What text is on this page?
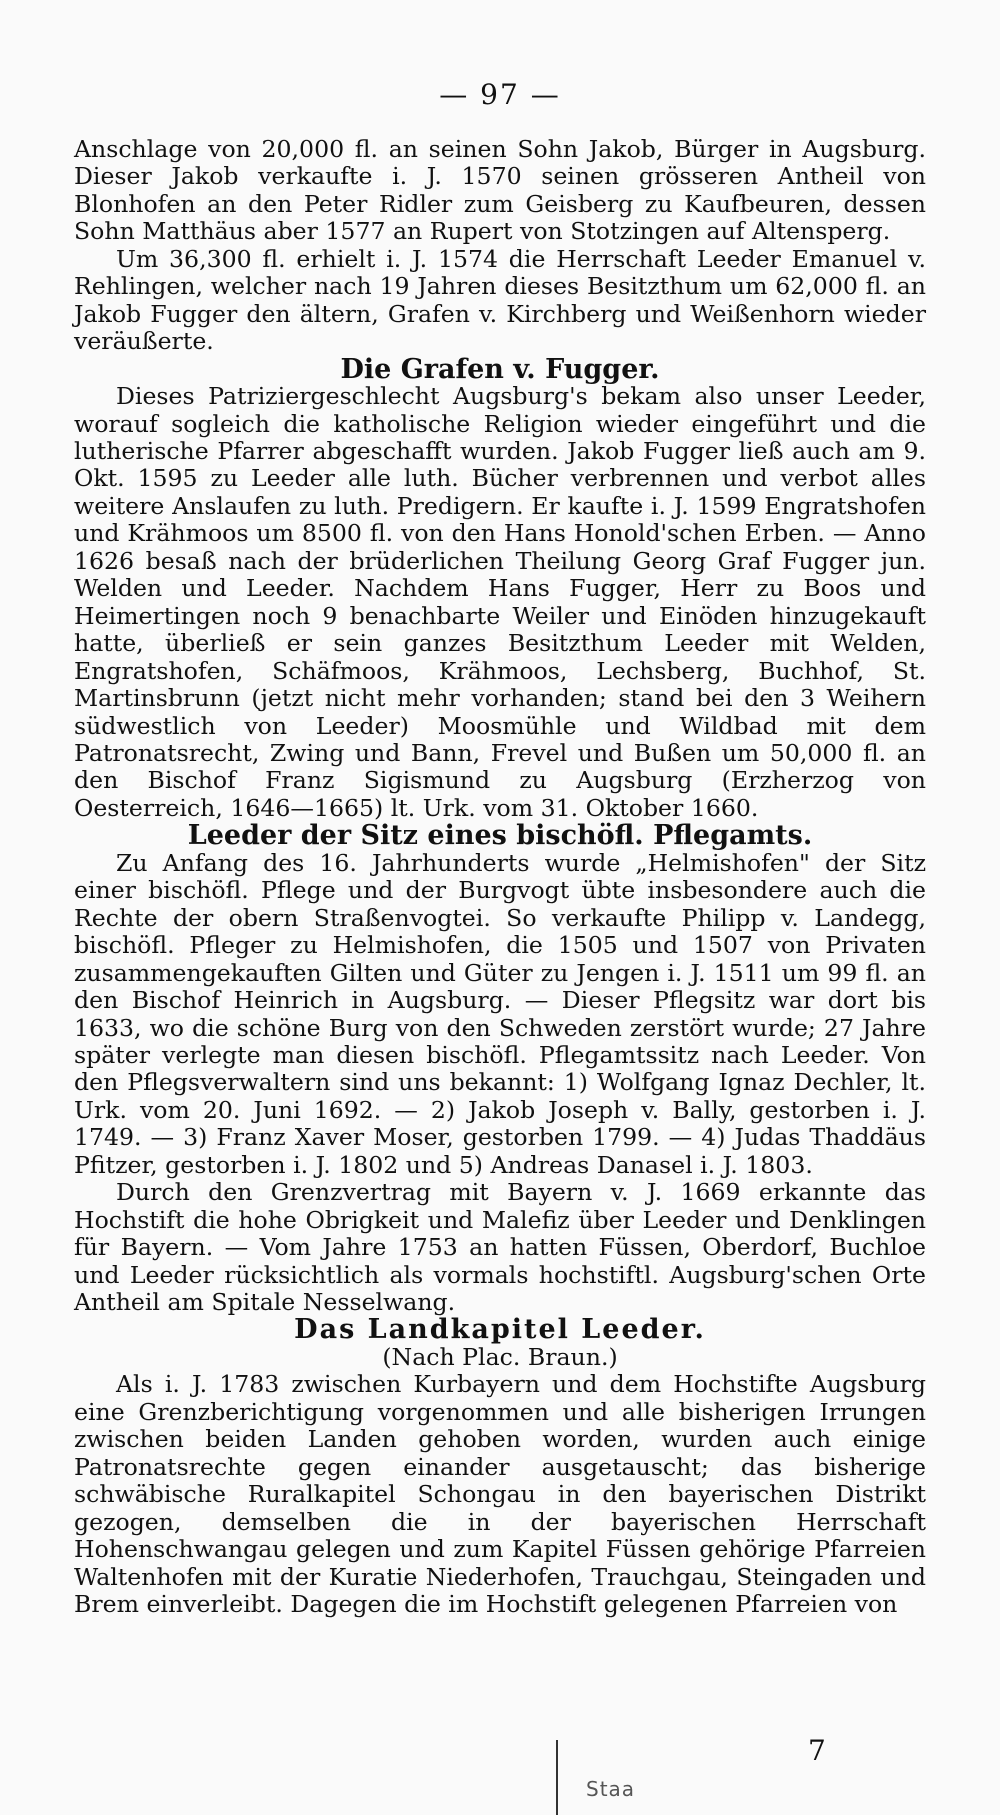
— 97 —

Anschlage von 20,000 fl. an seinen Sohn Jakob, Bürger in Augsburg. Dieser Jakob verkaufte i. J. 1570 seinen grösseren Antheil von Blonhofen an den Peter Ridler zum Geisberg zu Kaufbeuren, dessen Sohn Matthäus aber 1577 an Rupert von Stotzingen auf Altensperg.

Um 36,300 fl. erhielt i. J. 1574 die Herrschaft Leeder Emanuel v. Rehlingen, welcher nach 19 Jahren dieses Besitzthum um 62,000 fl. an Jakob Fugger den ältern, Grafen v. Kirchberg und Weißenhorn wieder veräußerte.

Die Grafen v. Fugger.

Dieses Patriziergeschlecht Augsburg's bekam also unser Leeder, worauf sogleich die katholische Religion wieder eingeführt und die lutherische Pfarrer abgeschafft wurden. Jakob Fugger ließ auch am 9. Okt. 1595 zu Leeder alle luth. Bücher verbrennen und verbot alles weitere Anslaufen zu luth. Predigern. Er kaufte i. J. 1599 Engratshofen und Krähmoos um 8500 fl. von den Hans Honold'schen Erben. — Anno 1626 besaß nach der brüderlichen Theilung Georg Graf Fugger jun. Welden und Leeder. Nachdem Hans Fugger, Herr zu Boos und Heimertingen noch 9 benachbarte Weiler und Einöden hinzugekauft hatte, überließ er sein ganzes Besitzthum Leeder mit Welden, Engratshofen, Schäfmoos, Krähmoos, Lechsberg, Buchhof, St. Martinsbrunn (jetzt nicht mehr vorhanden; stand bei den 3 Weihern südwestlich von Leeder) Moosmühle und Wildbad mit dem Patronatsrecht, Zwing und Bann, Frevel und Bußen um 50,000 fl. an den Bischof Franz Sigismund zu Augsburg (Erzherzog von Oesterreich, 1646—1665) lt. Urk. vom 31. Oktober 1660.

Leeder der Sitz eines bischöfl. Pflegamts.

Zu Anfang des 16. Jahrhunderts wurde „Helmishofen" der Sitz einer bischöfl. Pflege und der Burgvogt übte insbesondere auch die Rechte der obern Straßenvogtei. So verkaufte Philipp v. Landegg, bischöfl. Pfleger zu Helmishofen, die 1505 und 1507 von Privaten zusammengekauften Gilten und Güter zu Jengen i. J. 1511 um 99 fl. an den Bischof Heinrich in Augsburg. — Dieser Pflegsitz war dort bis 1633, wo die schöne Burg von den Schweden zerstört wurde; 27 Jahre später verlegte man diesen bischöfl. Pflegamtssitz nach Leeder. Von den Pflegsverwaltern sind uns bekannt: 1) Wolfgang Ignaz Dechler, lt. Urk. vom 20. Juni 1692. — 2) Jakob Joseph v. Bally, gestorben i. J. 1749. — 3) Franz Xaver Moser, gestorben 1799. — 4) Judas Thaddäus Pfitzer, gestorben i. J. 1802 und 5) Andreas Danasel i. J. 1803.

Durch den Grenzvertrag mit Bayern v. J. 1669 erkannte das Hochstift die hohe Obrigkeit und Malefiz über Leeder und Denklingen für Bayern. — Vom Jahre 1753 an hatten Füssen, Oberdorf, Buchloe und Leeder rücksichtlich als vormals hochstiftl. Augsburg'schen Orte Antheil am Spitale Nesselwang.

Das Landkapitel Leeder.

(Nach Plac. Braun.)

Als i. J. 1783 zwischen Kurbayern und dem Hochstifte Augsburg eine Grenzberichtigung vorgenommen und alle bisherigen Irrungen zwischen beiden Landen gehoben worden, wurden auch einige Patronatsrechte gegen einander ausgetauscht; das bisherige schwäbische Ruralkapitel Schongau in den bayerischen Distrikt gezogen, demselben die in der bayerischen Herrschaft Hohenschwangau gelegen und zum Kapitel Füssen gehörige Pfarreien Waltenhofen mit der Kuratie Niederhofen, Trauchgau, Steingaden und Brem einverleibt. Dagegen die im Hochstift gelegenen Pfarreien von

7
Staa
